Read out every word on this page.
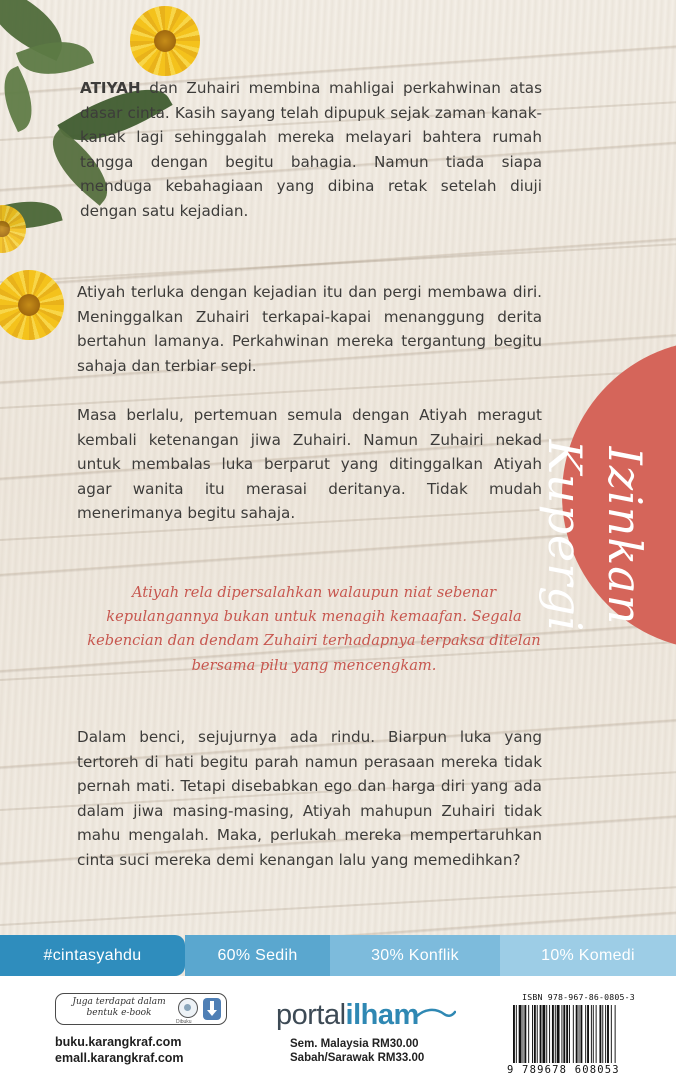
Izinkan Kupergi
ATIYAH dan Zuhairi membina mahligai perkahwinan atas dasar cinta. Kasih sayang telah dipupuk sejak zaman kanak-kanak lagi sehinggalah mereka melayari bahtera rumah tangga dengan begitu bahagia. Namun tiada siapa menduga kebahagiaan yang dibina retak setelah diuji dengan satu kejadian.
Atiyah terluka dengan kejadian itu dan pergi membawa diri. Meninggalkan Zuhairi terkapai-kapai menanggung derita bertahun lamanya. Perkahwinan mereka tergantung begitu sahaja dan terbiar sepi.
Masa berlalu, pertemuan semula dengan Atiyah meragut kembali ketenangan jiwa Zuhairi. Namun Zuhairi nekad untuk membalas luka berparut yang ditinggalkan Atiyah agar wanita itu merasai deritanya. Tidak mudah menerimanya begitu sahaja.
Atiyah rela dipersalahkan walaupun niat sebenar kepulangannya bukan untuk menagih kemaafan. Segala kebencian dan dendam Zuhairi terhadapnya terpaksa ditelan bersama pilu yang mencengkam.
Dalam benci, sejujurnya ada rindu. Biarpun luka yang tertoreh di hati begitu parah namun perasaan mereka tidak pernah mati. Tetapi disebabkan ego dan harga diri yang ada dalam jiwa masing-masing, Atiyah mahupun Zuhairi tidak mahu mengalah. Maka, perlukah mereka mempertaruhkan cinta suci mereka demi kenangan lalu yang memedihkan?
#cintasyahdu	60% Sedih	30% Konflik	10% Komedi
Juga terdapat dalam bentuk e-book
Dibuku
buku.karangkraf.com
emall.karangkraf.com
portal ilham
Sem. Malaysia RM30.00
Sabah/Sarawak RM33.00
ISBN 978-967-86-0805-3
9 789678 608053
